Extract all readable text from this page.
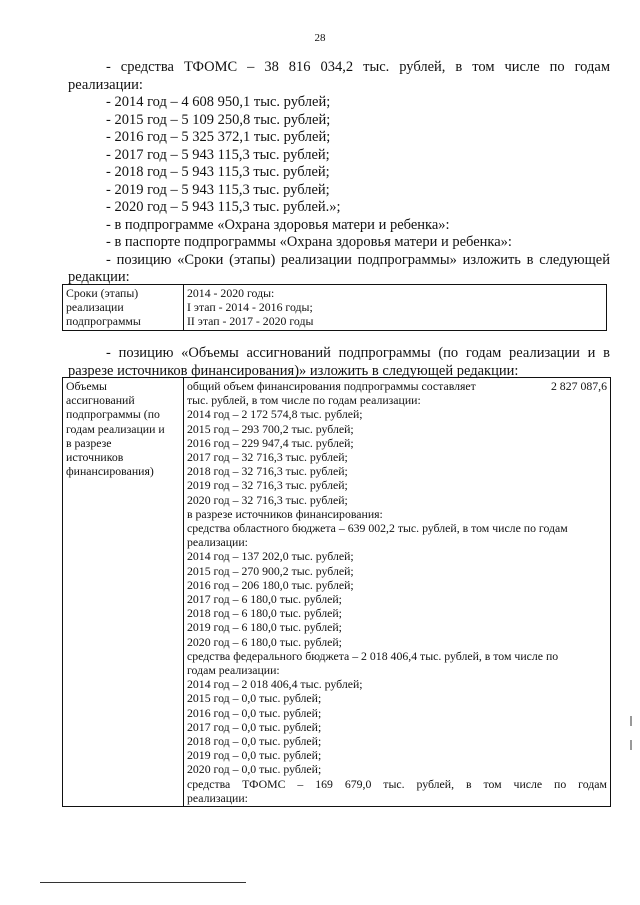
28
- средства ТФОМС – 38 816 034,2 тыс. рублей, в том числе по годам
реализации:
- 2014 год – 4 608 950,1 тыс. рублей;
- 2015 год – 5 109 250,8 тыс. рублей;
- 2016 год – 5 325 372,1 тыс. рублей;
- 2017 год – 5 943 115,3 тыс. рублей;
- 2018 год – 5 943 115,3 тыс. рублей;
- 2019 год – 5 943 115,3 тыс. рублей;
- 2020 год – 5 943 115,3 тыс. рублей.»;
- в подпрограмме «Охрана здоровья матери и ребенка»:
- в паспорте подпрограммы «Охрана здоровья матери и ребенка»:
- позицию «Сроки (этапы) реализации подпрограммы» изложить в следующей
редакции:
Сроки (этапы)
реализации
подпрограммы

2014 - 2020 годы:
I этап - 2014 - 2016 годы;
II этап - 2017 - 2020 годы
- позицию «Объемы ассигнований подпрограммы (по годам реализации и в
разрезе источников финансирования)» изложить в следующей редакции:
Объемы
ассигнований
подпрограммы (по
годам реализации и
в разрезе
источников
финансирования)

общий объем финансирования подпрограммы составляет	2 827 087,6
тыс. рублей, в том числе по годам реализации:
2014 год – 2 172 574,8 тыс. рублей;
2015 год – 293 700,2 тыс. рублей;
2016 год – 229 947,4 тыс. рублей;
2017 год – 32 716,3 тыс. рублей;
2018 год – 32 716,3 тыс. рублей;
2019 год – 32 716,3 тыс. рублей;
2020 год – 32 716,3 тыс. рублей;
в разрезе источников финансирования:
средства областного бюджета – 639 002,2 тыс. рублей, в том числе по годам
реализации:
2014 год – 137 202,0 тыс. рублей;
2015 год – 270 900,2 тыс. рублей;
2016 год – 206 180,0 тыс. рублей;
2017 год – 6 180,0 тыс. рублей;
2018 год – 6 180,0 тыс. рублей;
2019 год – 6 180,0 тыс. рублей;
2020 год – 6 180,0 тыс. рублей;
средства федерального бюджета – 2 018 406,4 тыс. рублей, в том числе по
годам реализации:
2014 год – 2 018 406,4 тыс. рублей;
2015 год – 0,0 тыс. рублей;
2016 год – 0,0 тыс. рублей;
2017 год – 0,0 тыс. рублей;
2018 год – 0,0 тыс. рублей;
2019 год – 0,0 тыс. рублей;
2020 год – 0,0 тыс. рублей;
средства ТФОМС – 169 679,0 тыс. рублей, в том числе по годам
реализации:
